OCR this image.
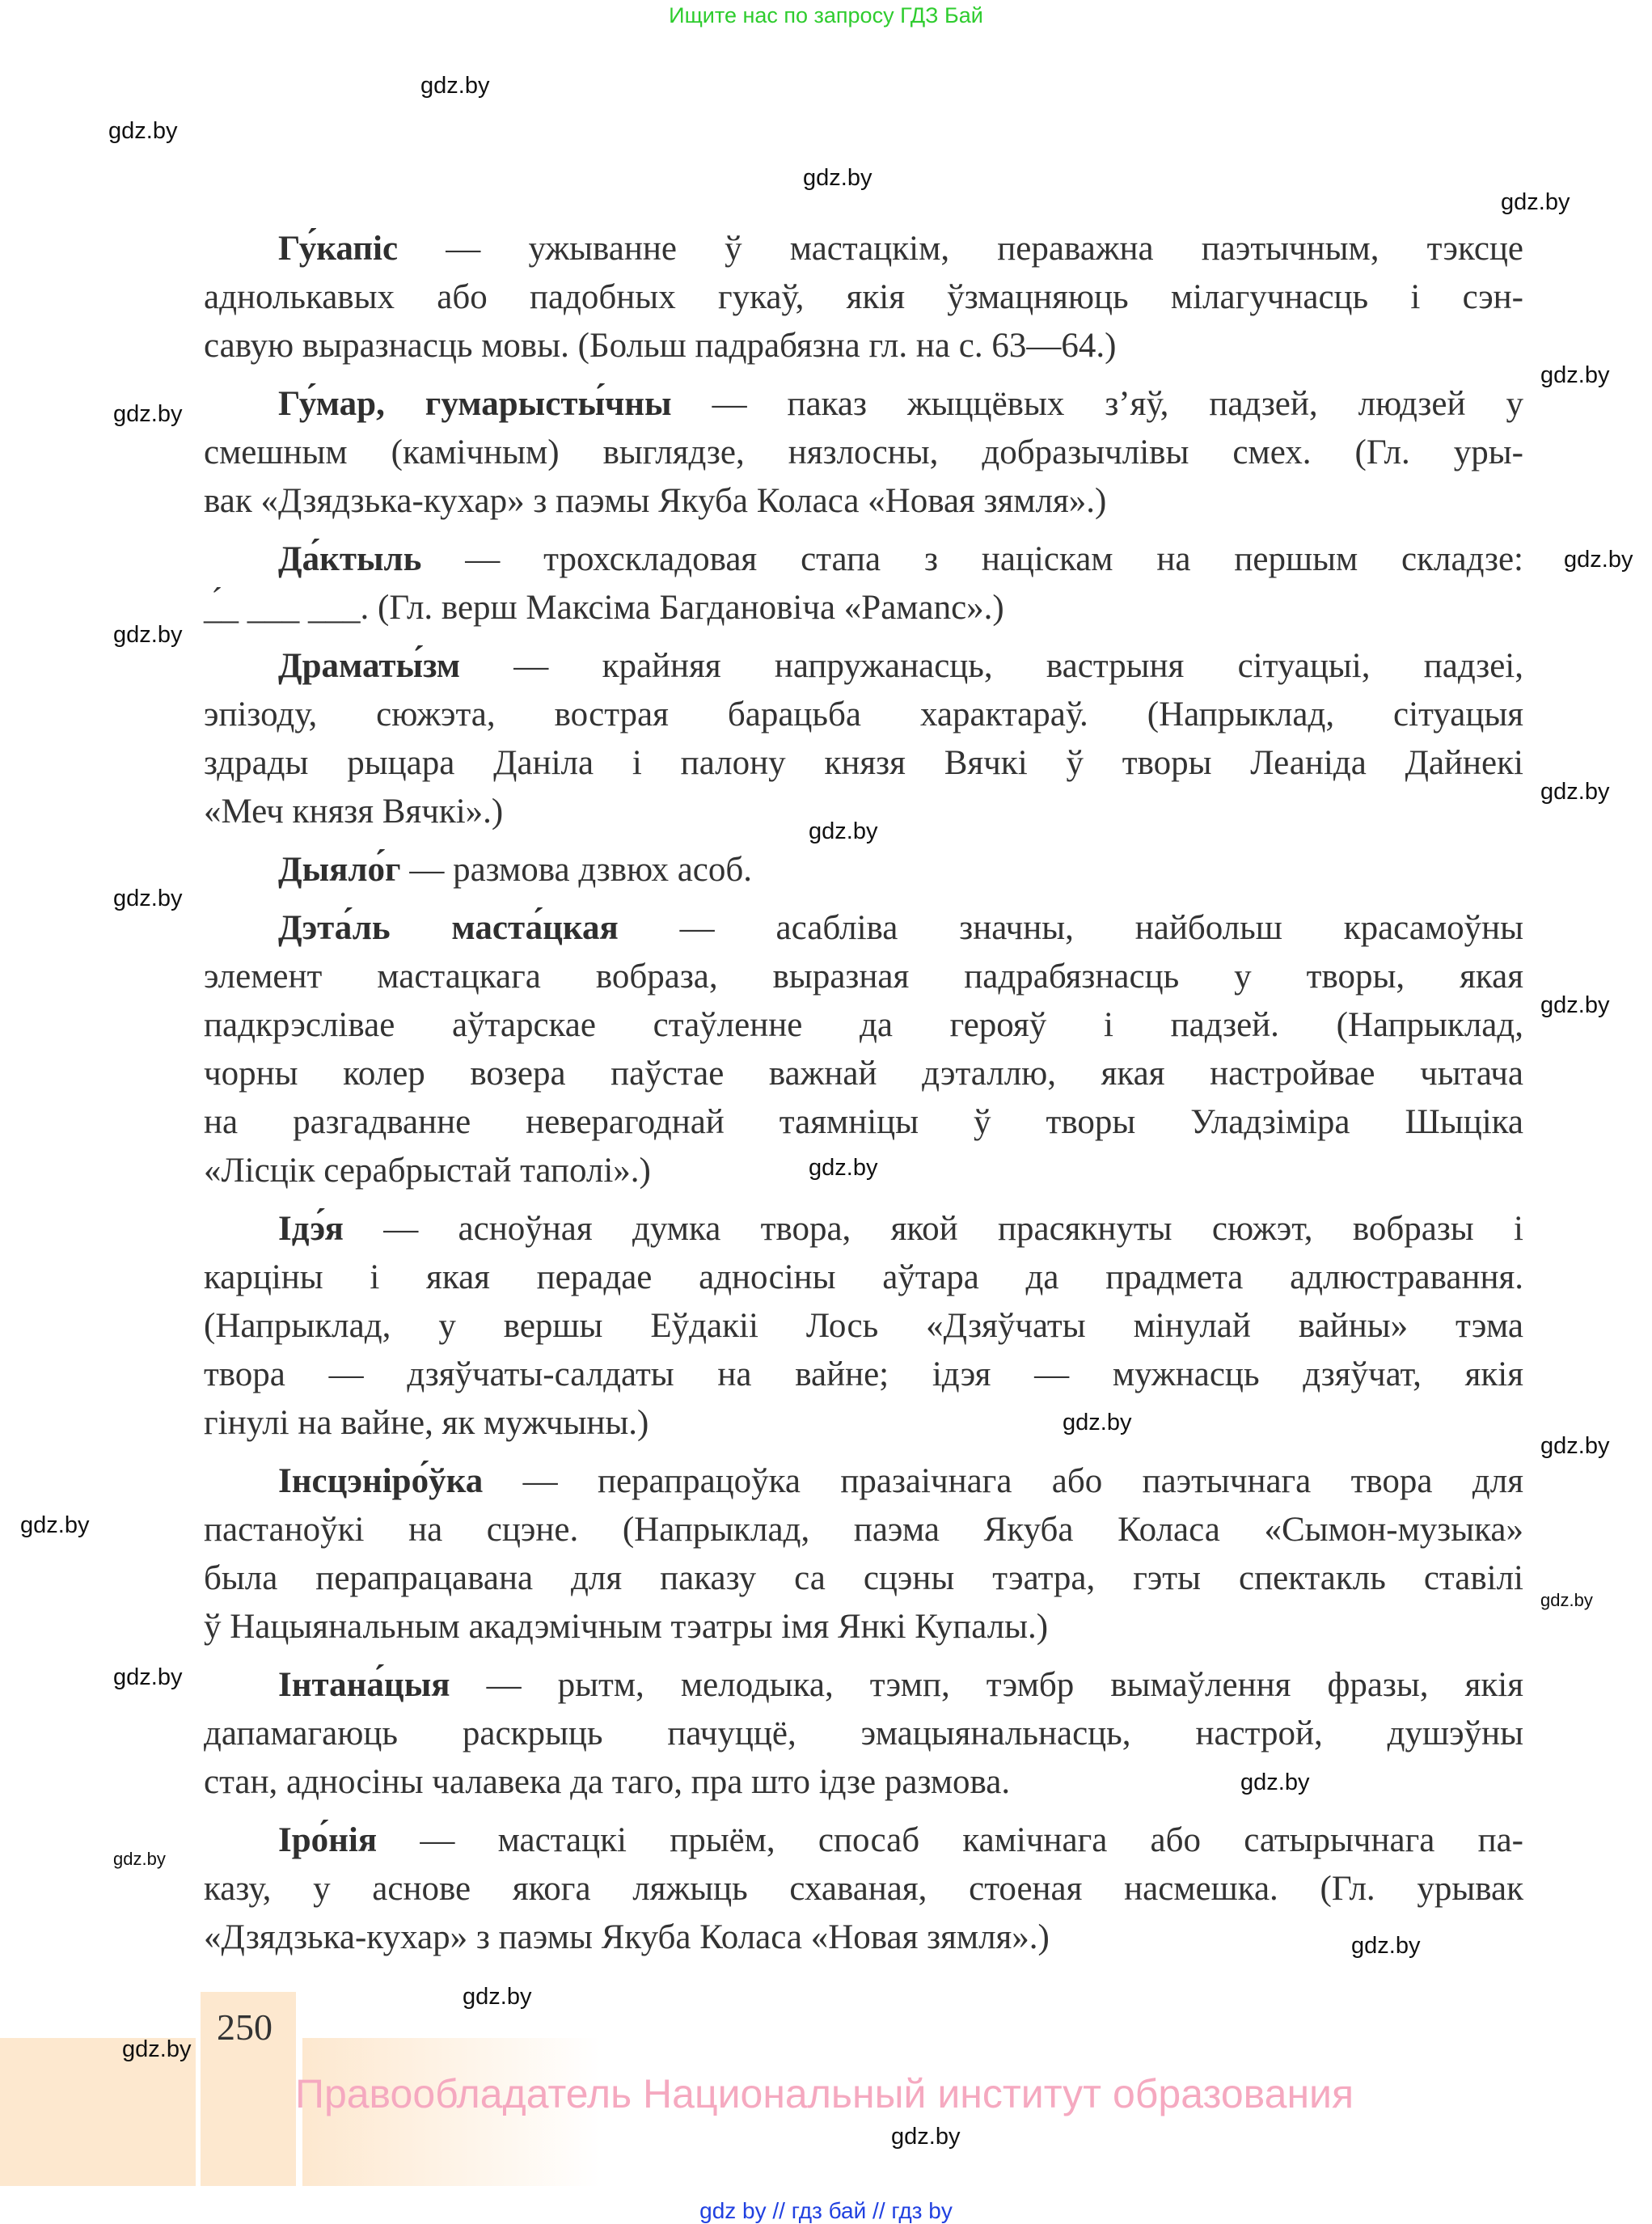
Ищите нас по запросу ГДЗ Бай
Гу́капіс — ужыванне ў мастацкім, пераважна паэтычным, тэксце
аднолькавых або падобных гукаў, якія ўзмацняюць мілагучнасць і сэн-
савую выразнасць мовы. (Больш падрабязна гл. на с. 63—64.)
Гу́мар, гумарысты́чны — паказ жыццёвых з’яў, падзей, людзей у
смешным (камічным) выглядзе, нязлосны, добразычлівы смех. (Гл. уры-
вак «Дзядзька-кухар» з паэмы Якуба Коласа «Новая зямля».)
Да́ктыль — трохскладовая стапа з націскам на першым складзе:
_́_ ___ ___. (Гл. верш Максіма Багдановіча «Рамanс».)
Драматы́зм — крайняя напружанасць, вастрыня сітуацыі, падзеі,
эпізоду, сюжэта, вострая барацьба характараў. (Напрыклад, сітуацыя
здрады рыцара Даніла і палону князя Вячкі ў творы Леаніда Дайнекі
«Меч князя Вячкі».)
Дыяло́г — размова дзвюх асоб.
Дэта́ль маста́цкая — асабліва значны, найбольш красамоўны
элемент мастацкага вобраза, выразная падрабязнасць у творы, якая
падкрэслівае аўтарскае стаўленне да герояў і падзей. (Напрыклад,
чорны колер возера паўстае важнай дэталлю, якая настройвае чытача
на разгадванне неверагоднай таямніцы ў творы Уладзіміра Шыціка
«Лісцік серабрыстай таполі».)
Ідэ́я — асноўная думка твора, якой прасякнуты сюжэт, вобразы і
карціны і якая перадае адносіны аўтара да прадмета адлюстравання.
(Напрыклад, у вершы Еўдакіі Лось «Дзяўчаты мінулай вайны» тэма
твора — дзяўчаты-салдаты на вайне; ідэя — мужнасць дзяўчат, якія
гінулі на вайне, як мужчыны.)
Інсцэніро́ўка — перапрацоўка празаічнага або паэтычнага твора для
пастаноўкі на сцэне. (Напрыклад, паэма Якуба Коласа «Сымон-музыка»
была перапрацавана для паказу са сцэны тэатра, гэты спектакль ставілі
ў Нацыянальным акадэмічным тэатры імя Янкі Купалы.)
Інтана́цыя — рытм, мелодыка, тэмп, тэмбр вымаўлення фразы, якія
дапамагаюць раскрыць пачуццё, эмацыянальнасць, настрой, душэўны
стан, адносіны чалавека да таго, пра што ідзе размова.
Іро́нія — мастацкі прыём, спосаб камічнага або сатырычнага па-
казу, у аснове якога ляжыць схаваная, стоеная насмешка. (Гл. урывак
«Дзядзька-кухар» з паэмы Якуба Коласа «Новая зямля».)
250
Правообладатель Национальный институт образования
gdz by // гдз бай // гдз by
gdz.by
gdz.by
gdz.by
gdz.by
gdz.by
gdz.by
gdz.by
gdz.by
gdz.by
gdz.by
gdz.by
gdz.by
gdz.by
gdz.by
gdz.by
gdz.by
gdz.by
gdz.by
gdz.by
gdz.by
gdz.by
gdz.by
gdz.by
gdz.by
